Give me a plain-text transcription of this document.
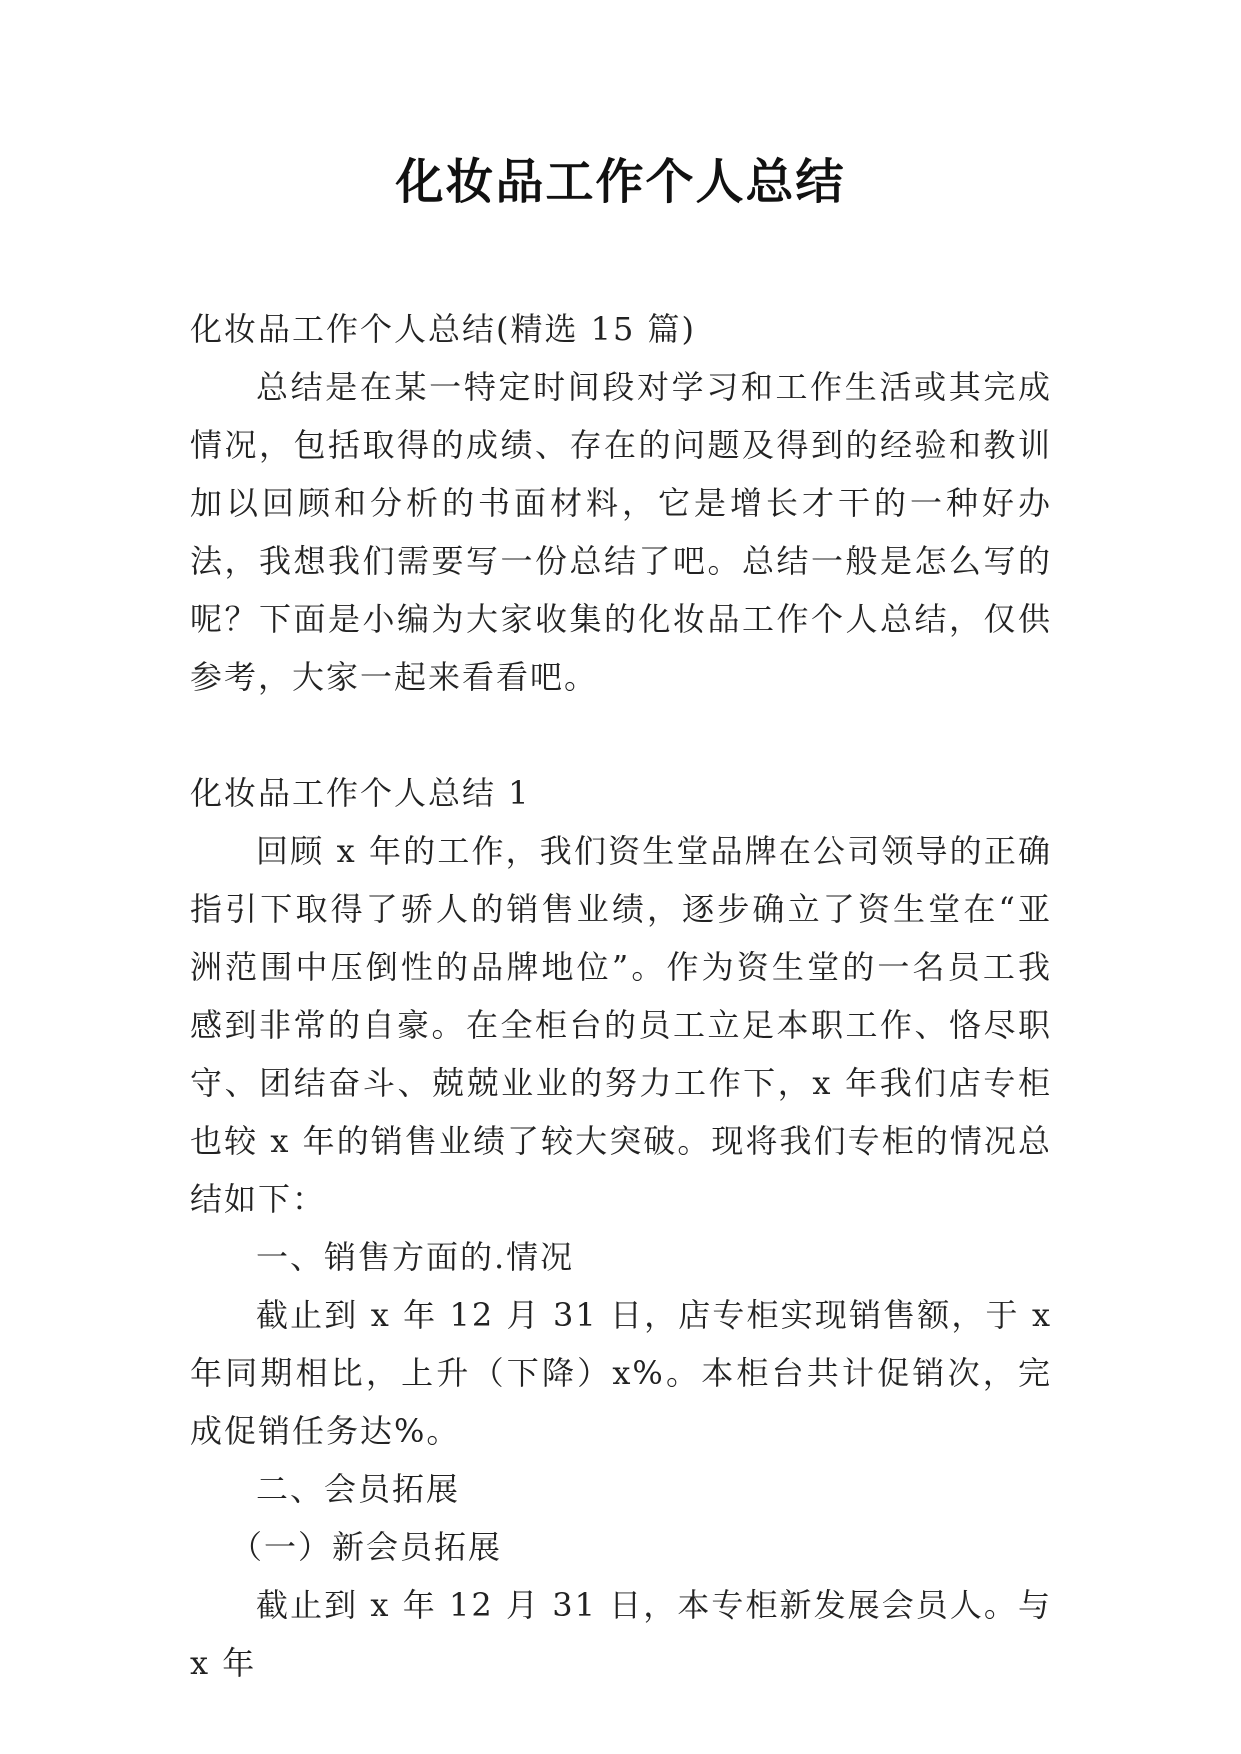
化妆品工作个人总结

化妆品工作个人总结(精选 15 篇)

总结是在某一特定时间段对学习和工作生活或其完成情况，包括取得的成绩、存在的问题及得到的经验和教训加以回顾和分析的书面材料，它是增长才干的一种好办法，我想我们需要写一份总结了吧。总结一般是怎么写的呢？下面是小编为大家收集的化妆品工作个人总结，仅供参考，大家一起来看看吧。

化妆品工作个人总结 1

回顾 x 年的工作，我们资生堂品牌在公司领导的正确指引下取得了骄人的销售业绩，逐步确立了资生堂在“亚洲范围中压倒性的品牌地位”。作为资生堂的一名员工我感到非常的自豪。在全柜台的员工立足本职工作、恪尽职守、团结奋斗、兢兢业业的努力工作下，x 年我们店专柜也较 x 年的销售业绩了较大突破。现将我们专柜的情况总结如下：

一、销售方面的.情况

截止到 x 年 12 月 31 日，店专柜实现销售额，于 x 年同期相比，上升（下降）x%。本柜台共计促销次，完成促销任务达%。

二、会员拓展

（一）新会员拓展

截止到 x 年 12 月 31 日，本专柜新发展会员人。与 x 年
